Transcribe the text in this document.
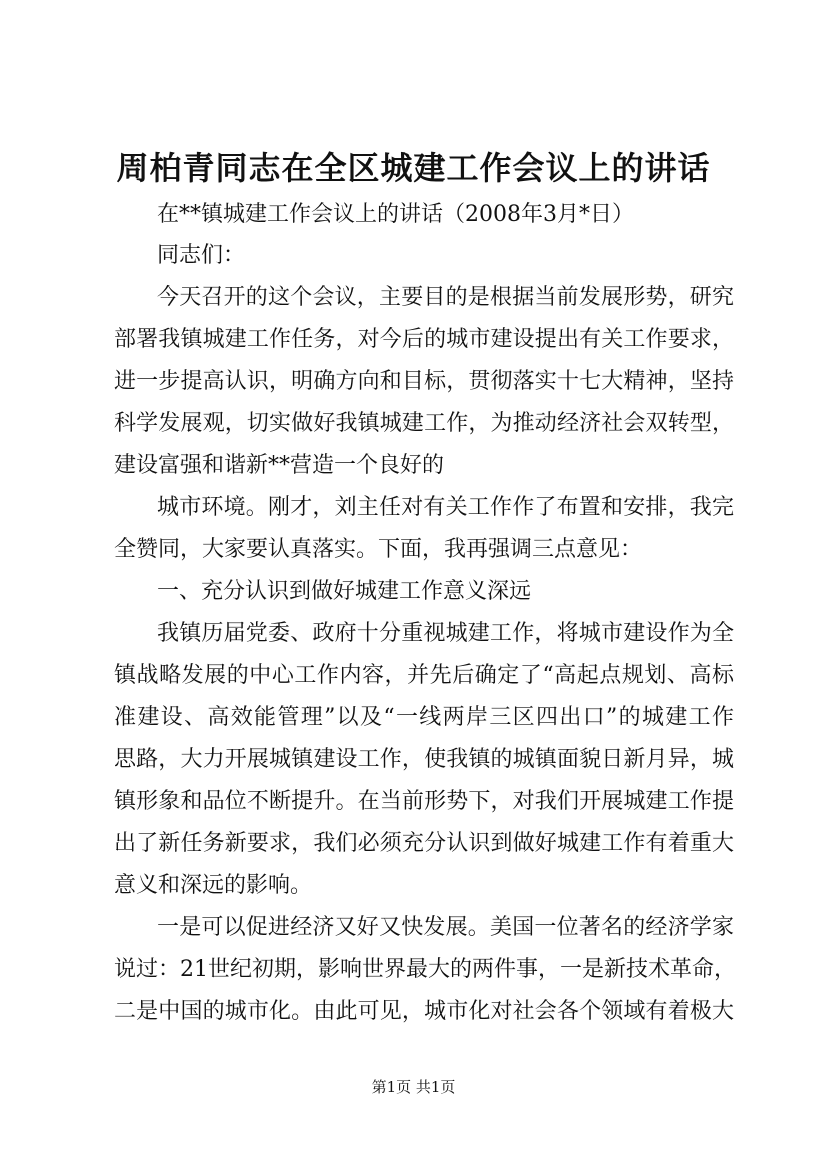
周柏青同志在全区城建工作会议上的讲话
在**镇城建工作会议上的讲话（2008年3月*日）
同志们：
今天召开的这个会议，主要目的是根据当前发展形势，研究
部署我镇城建工作任务，对今后的城市建设提出有关工作要求，
进一步提高认识，明确方向和目标，贯彻落实十七大精神，坚持
科学发展观，切实做好我镇城建工作，为推动经济社会双转型，
建设富强和谐新**营造一个良好的
城市环境。刚才，刘主任对有关工作作了布置和安排，我完
全赞同，大家要认真落实。下面，我再强调三点意见：
一、充分认识到做好城建工作意义深远
我镇历届党委、政府十分重视城建工作，将城市建设作为全
镇战略发展的中心工作内容，并先后确定了“高起点规划、高标
准建设、高效能管理”以及“一线两岸三区四出口”的城建工作
思路，大力开展城镇建设工作，使我镇的城镇面貌日新月异，城
镇形象和品位不断提升。在当前形势下，对我们开展城建工作提
出了新任务新要求，我们必须充分认识到做好城建工作有着重大
意义和深远的影响。
一是可以促进经济又好又快发展。美国一位著名的经济学家
说过：21世纪初期，影响世界最大的两件事，一是新技术革命，
二是中国的城市化。由此可见，城市化对社会各个领域有着极大
第1页 共1页
